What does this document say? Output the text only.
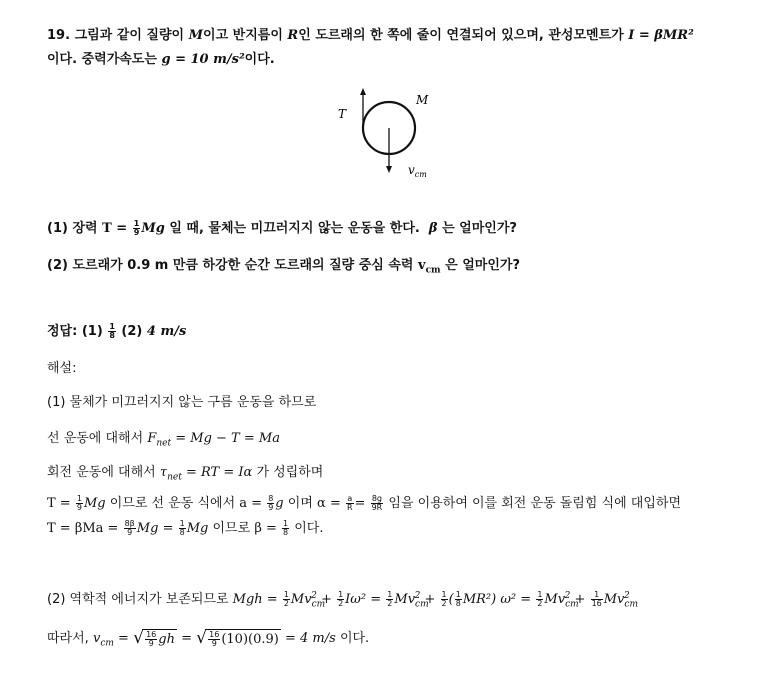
19. 그림과 같이 질량이 M이고 반지름이 R인 도르래의 한 쪽에 줄이 연결되어 있으며, 관성모멘트가 I = βMR²
이다. 중력가속도는 g = 10 m/s²이다.
T
M
$v_{cm}$
(1) 장력 $T = \frac{1}{9}$ Mg 일 때, 물체는 미끄러지지 않는 운동을 한다. β 는 얼마인가?
(2) 도르래가 0.9 m 만큼 하강한 순간 도르래의 질량 중심 속력 $v_{cm}$ 은 얼마인가?
정답: $(1) \frac{1}{8} (2)$ 4 m/s
해설:
(1) 물체가 미끄러지지 않는 구름 운동을 하므로
선 운동에 대해서 $F_{net} = Mg - T = Ma$
회전 운동에 대해서 $\tau_{net}$ = RT = Iα 가 성립하며
$T = \frac{1}{9}$ Mg 이므로 선 운동 식에서 $a = \frac{8}{9}$ g 이며 $\alpha = \frac{a}{R} = \frac{8g}{9R}$ 임을 이용하여 이를 회전 운동 돌림힘 식에 대입하면
$T = \beta Ma = \frac{8\beta}{9}$ $Mg = \frac{1}{8}$ Mg 이므로 $\beta = \frac{1}{8}$ 이다.
(2) 역학적 에너지가 보존되므로 Mgh = $\frac{1}{2} Mv_{cm}^2 + \frac{1}{2} I\omega^2 = \frac{1}{2} Mv_{cm}^2 + \frac{1}{2}$ ( $\frac{1}{8} MR^2$) $\omega^2 = \frac{1}{2} Mv_{cm}^2 + \frac{1}{16} Mv_{cm}^2$
따라서, $v_{cm}$ = √ $\frac{16}{9}$ gh = √ $\frac{16}{9} (10)(0.9) = 4$ m/s 이다.
